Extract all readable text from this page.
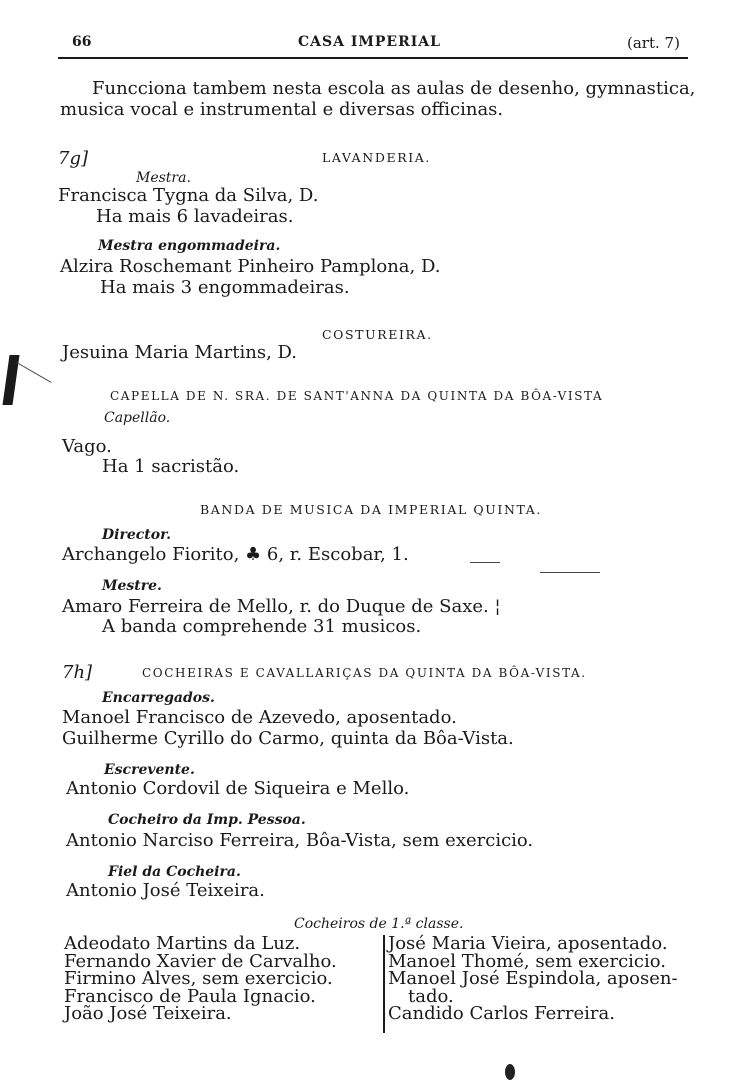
66	CASA IMPERIAL	(art. 7)
Funcciona tambem nesta escola as aulas de desenho, gymnastica,
musica vocal e instrumental e diversas officinas.
7g]	LAVANDERIA.
Mestra.
Francisca Tygna da Silva, D.
Ha mais 6 lavadeiras.
Mestra engommadeira.
Alzira Roschemant Pinheiro Pamplona, D.
Ha mais 3 engommadeiras.
COSTUREIRA.
Jesuina Maria Martins, D.
CAPELLA DE N. SRA. DE SANT'ANNA DA QUINTA DA BÔA-VISTA
Capellão.
Vago.
Ha 1 sacristão.
BANDA DE MUSICA DA IMPERIAL QUINTA.
Director.
Archangelo Fiorito, ♣ 6, r. Escobar, 1.
Mestre.
Amaro Ferreira de Mello, r. do Duque de Saxe. ¦
A banda comprehende 31 musicos.
7h]	COCHEIRAS E CAVALLARIÇAS DA QUINTA DA BÔA-VISTA.
Encarregados.
Manoel Francisco de Azevedo, aposentado.
Guilherme Cyrillo do Carmo, quinta da Bôa-Vista.
Escrevente.
Antonio Cordovil de Siqueira e Mello.
Cocheiro da Imp. Pessoa.
Antonio Narciso Ferreira, Bôa-Vista, sem exercicio.
Fiel da Cocheira.
Antonio José Teixeira.
Cocheiros de 1.ª classe.
Adeodato Martins da Luz.
Fernando Xavier de Carvalho.
Firmino Alves, sem exercicio.
Francisco de Paula Ignacio.
João José Teixeira.
José Maria Vieira, aposentado.
Manoel Thomé, sem exercicio.
Manoel José Espindola, aposen-
tado.
Candido Carlos Ferreira.
